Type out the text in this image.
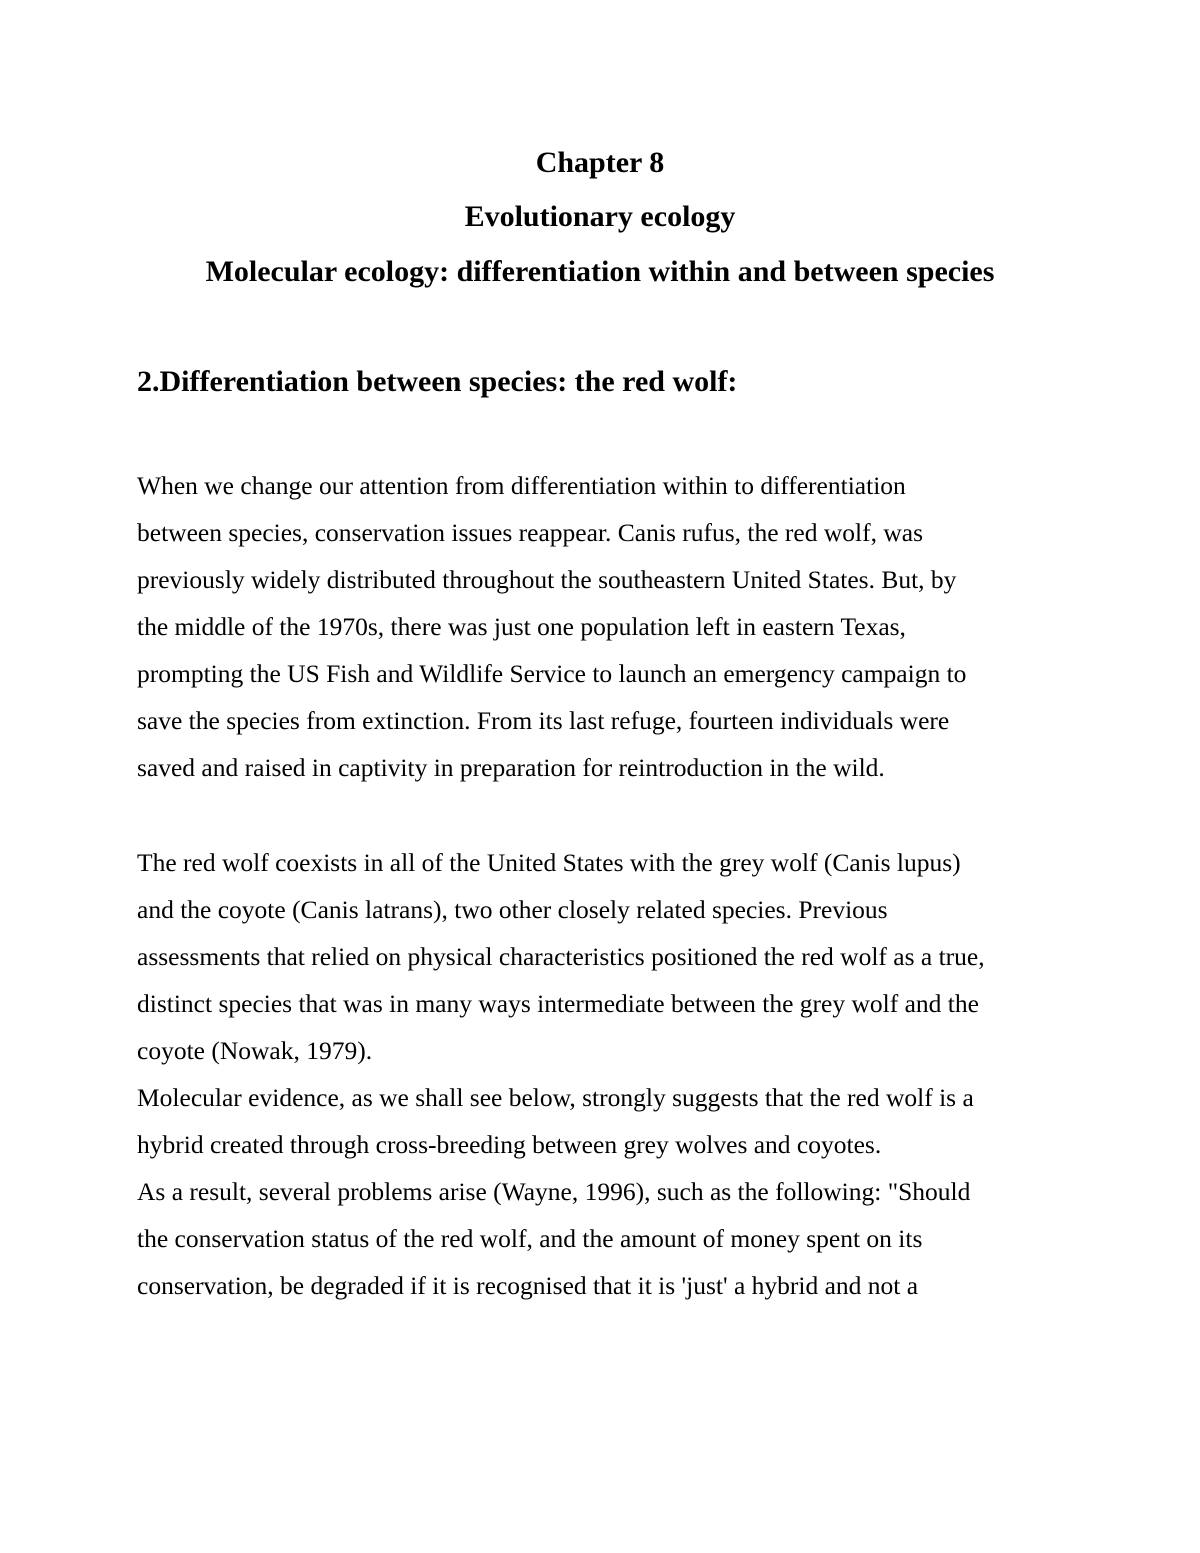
Chapter 8
Evolutionary ecology
Molecular ecology: differentiation within and between species
2.Differentiation between species: the red wolf:

When we change our attention from differentiation within to differentiation

between species, conservation issues reappear. Canis rufus, the red wolf, was

previously widely distributed throughout the southeastern United States. But, by

the middle of the 1970s, there was just one population left in eastern Texas,

prompting the US Fish and Wildlife Service to launch an emergency campaign to

save the species from extinction. From its last refuge, fourteen individuals were

saved and raised in captivity in preparation for reintroduction in the wild.

The red wolf coexists in all of the United States with the grey wolf (Canis lupus)

and the coyote (Canis latrans), two other closely related species. Previous

assessments that relied on physical characteristics positioned the red wolf as a true,

distinct species that was in many ways intermediate between the grey wolf and the

coyote (Nowak, 1979).

Molecular evidence, as we shall see below, strongly suggests that the red wolf is a

hybrid created through cross-breeding between grey wolves and coyotes.

As a result, several problems arise (Wayne, 1996), such as the following: "Should

the conservation status of the red wolf, and the amount of money spent on its

conservation, be degraded if it is recognised that it is 'just' a hybrid and not a
